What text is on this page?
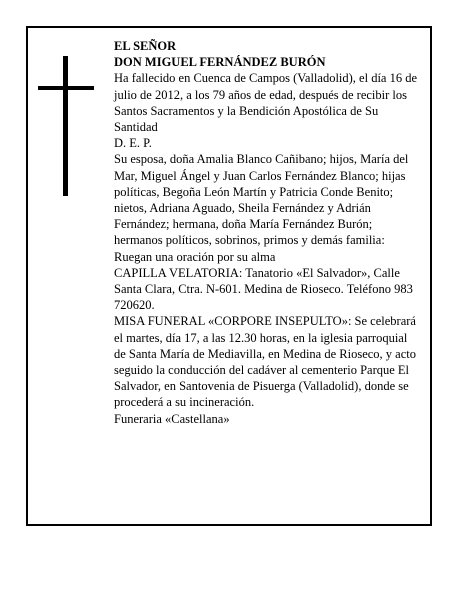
EL SEÑOR

DON MIGUEL FERNÁNDEZ BURÓN

Ha fallecido en Cuenca de Campos (Valladolid), el día 16 de julio de 2012, a los 79 años de edad, después de recibir los Santos Sacramentos y la Bendición Apostólica de Su Santidad

D. E. P.

Su esposa, doña Amalia Blanco Cañibano; hijos, María del Mar, Miguel Ángel y Juan Carlos Fernández Blanco; hijas políticas, Begoña León Martín y Patricia Conde Benito; nietos, Adriana Aguado, Sheila Fernández y Adrián Fernández; hermana, doña María Fernández Burón; hermanos políticos, sobrinos, primos y demás familia:

Ruegan una oración por su alma

CAPILLA VELATORIA: Tanatorio «El Salvador», Calle Santa Clara, Ctra. N-601. Medina de Rioseco. Teléfono 983 720620.

MISA FUNERAL «CORPORE INSEPULTO»: Se celebrará el martes, día 17, a las 12.30 horas, en la iglesia parroquial de Santa María de Mediavilla, en Medina de Rioseco, y acto seguido la conducción del cadáver al cementerio Parque El Salvador, en Santovenia de Pisuerga (Valladolid), donde se procederá a su incineración.

Funeraria «Castellana»
